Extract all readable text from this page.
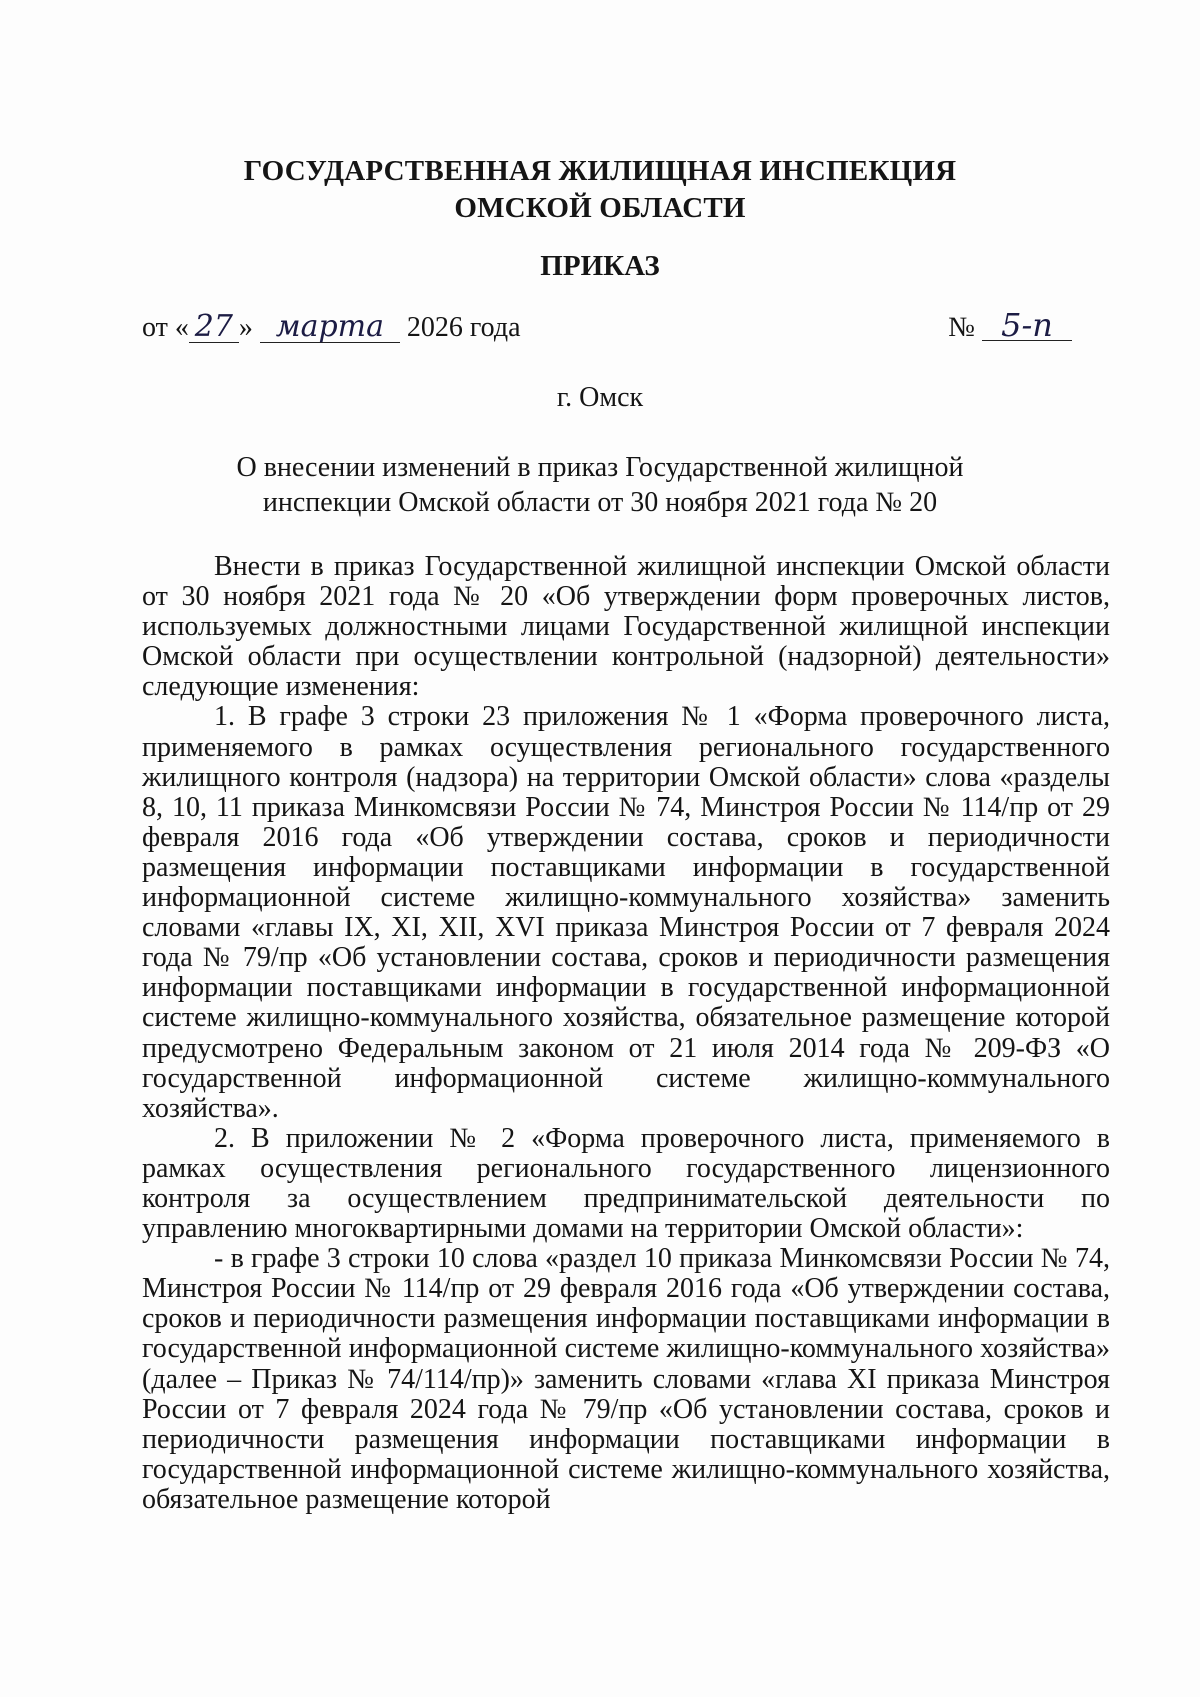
ГОСУДАРСТВЕННАЯ ЖИЛИЩНАЯ ИНСПЕКЦИЯ
ОМСКОЙ ОБЛАСТИ
ПРИКАЗ
от « 27 » марта 2026 года	№ 5-п
г. Омск
О внесении изменений в приказ Государственной жилищной
инспекции Омской области от 30 ноября 2021 года № 20

Внести в приказ Государственной жилищной инспекции Омской области от 30 ноября 2021 года № 20 «Об утверждении форм проверочных листов, используемых должностными лицами Государственной жилищной инспекции Омской области при осуществлении контрольной (надзорной) деятельности» следующие изменения:

1. В графе 3 строки 23 приложения № 1 «Форма проверочного листа, применяемого в рамках осуществления регионального государственного жилищного контроля (надзора) на территории Омской области» слова «разделы 8, 10, 11 приказа Минкомсвязи России № 74, Минстроя России № 114/пр от 29 февраля 2016 года «Об утверждении состава, сроков и периодичности размещения информации поставщиками информации в государственной информационной системе жилищно-коммунального хозяйства» заменить словами «главы IX, XI, XII, XVI приказа Минстроя России от 7 февраля 2024 года № 79/пр «Об установлении состава, сроков и периодичности размещения информации поставщиками информации в государственной информационной системе жилищно-коммунального хозяйства, обязательное размещение которой предусмотрено Федеральным законом от 21 июля 2014 года № 209-ФЗ «О государственной информационной системе жилищно-коммунального хозяйства».

2. В приложении № 2 «Форма проверочного листа, применяемого в рамках осуществления регионального государственного лицензионного контроля за осуществлением предпринимательской деятельности по управлению многоквартирными домами на территории Омской области»:

- в графе 3 строки 10 слова «раздел 10 приказа Минкомсвязи России № 74, Минстроя России № 114/пр от 29 февраля 2016 года «Об утверждении состава, сроков и периодичности размещения информации поставщиками информации в государственной информационной системе жилищно-коммунального хозяйства» (далее – Приказ № 74/114/пр)» заменить словами «глава XI приказа Минстроя России от 7 февраля 2024 года № 79/пр «Об установлении состава, сроков и периодичности размещения информации поставщиками информации в государственной информационной системе жилищно-коммунального хозяйства, обязательное размещение которой
